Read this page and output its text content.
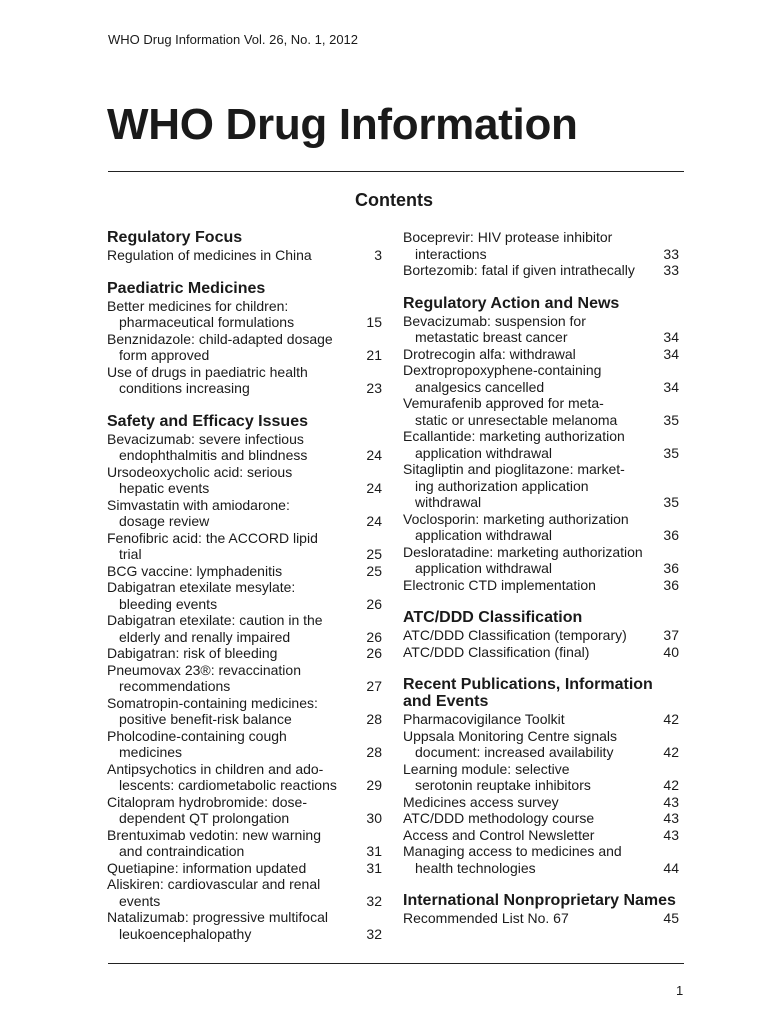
WHO Drug Information Vol. 26, No. 1, 2012
WHO Drug Information
Contents
Regulatory Focus
Regulation of medicines in China	3
Paediatric Medicines
Better medicines for children:
pharmaceutical formulations	15
Benznidazole: child-adapted dosage
form approved	21
Use of drugs in paediatric health
conditions increasing	23
Safety and Efficacy Issues
Bevacizumab: severe infectious
endophthalmitis and blindness	24
Ursodeoxycholic acid: serious
hepatic events	24
Simvastatin with amiodarone:
dosage review	24
Fenofibric acid: the ACCORD lipid
trial	25
BCG vaccine: lymphadenitis	25
Dabigatran etexilate mesylate:
bleeding events	26
Dabigatran etexilate: caution in the
elderly and renally impaired	26
Dabigatran: risk of bleeding	26
Pneumovax 23®: revaccination
recommendations	27
Somatropin-containing medicines:
positive benefit-risk balance	28
Pholcodine-containing cough
medicines	28
Antipsychotics in children and ado-
lescents: cardiometabolic reactions	29
Citalopram hydrobromide: dose-
dependent QT prolongation	30
Brentuximab vedotin: new warning
and contraindication	31
Quetiapine: information updated	31
Aliskiren: cardiovascular and renal
events	32
Natalizumab: progressive multifocal
leukoencephalopathy	32
Boceprevir: HIV protease inhibitor
interactions	33
Bortezomib: fatal if given intrathecally	33
Regulatory Action and News
Bevacizumab: suspension for
metastatic breast cancer	34
Drotrecogin alfa: withdrawal	34
Dextropropoxyphene-containing
analgesics cancelled	34
Vemurafenib approved for meta-
static or unresectable melanoma	35
Ecallantide: marketing authorization
application withdrawal	35
Sitagliptin and pioglitazone: market-
ing authorization application
withdrawal	35
Voclosporin: marketing authorization
application withdrawal	36
Desloratadine: marketing authorization
application withdrawal	36
Electronic CTD implementation	36
ATC/DDD Classification
ATC/DDD Classification (temporary)	37
ATC/DDD Classification (final)	40
Recent Publications, Information and Events
Pharmacovigilance Toolkit	42
Uppsala Monitoring Centre signals
document: increased availability	42
Learning module: selective
serotonin reuptake inhibitors	42
Medicines access survey	43
ATC/DDD methodology course	43
Access and Control Newsletter	43
Managing access to medicines and
health technologies	44
International Nonproprietary Names
Recommended List No. 67	45
1
